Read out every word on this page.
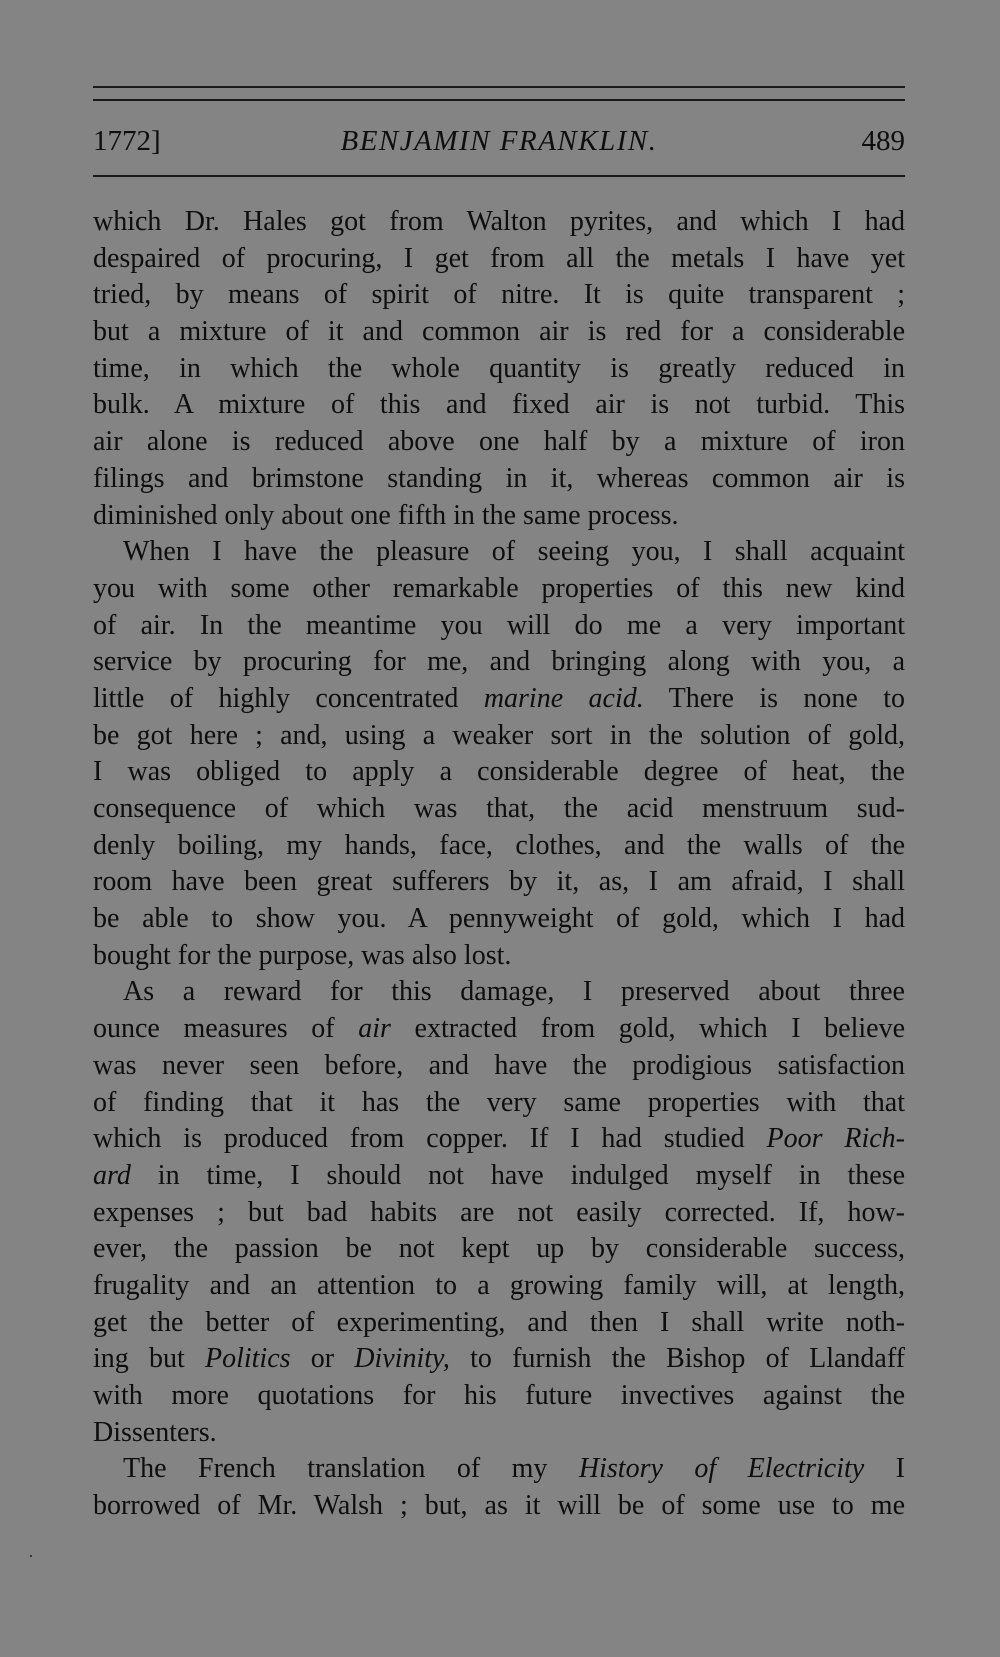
1772]	BENJAMIN FRANKLIN.	489
which Dr. Hales got from Walton pyrites, and which I had
despaired of procuring, I get from all the metals I have yet
tried, by means of spirit of nitre. It is quite transparent ;
but a mixture of it and common air is red for a considerable
time, in which the whole quantity is greatly reduced in
bulk. A mixture of this and fixed air is not turbid. This
air alone is reduced above one half by a mixture of iron
filings and brimstone standing in it, whereas common air is
diminished only about one fifth in the same process.
When I have the pleasure of seeing you, I shall acquaint
you with some other remarkable properties of this new kind
of air. In the meantime you will do me a very important
service by procuring for me, and bringing along with you, a
little of highly concentrated marine acid. There is none to
be got here ; and, using a weaker sort in the solution of gold,
I was obliged to apply a considerable degree of heat, the
consequence of which was that, the acid menstruum sud-
denly boiling, my hands, face, clothes, and the walls of the
room have been great sufferers by it, as, I am afraid, I shall
be able to show you. A pennyweight of gold, which I had
bought for the purpose, was also lost.
As a reward for this damage, I preserved about three
ounce measures of air extracted from gold, which I believe
was never seen before, and have the prodigious satisfaction
of finding that it has the very same properties with that
which is produced from copper. If I had studied Poor Rich-
ard in time, I should not have indulged myself in these
expenses ; but bad habits are not easily corrected. If, how-
ever, the passion be not kept up by considerable success,
frugality and an attention to a growing family will, at length,
get the better of experimenting, and then I shall write noth-
ing but Politics or Divinity, to furnish the Bishop of Llandaff
with more quotations for his future invectives against the
Dissenters.
The French translation of my History of Electricity I
borrowed of Mr. Walsh ; but, as it will be of some use to me
